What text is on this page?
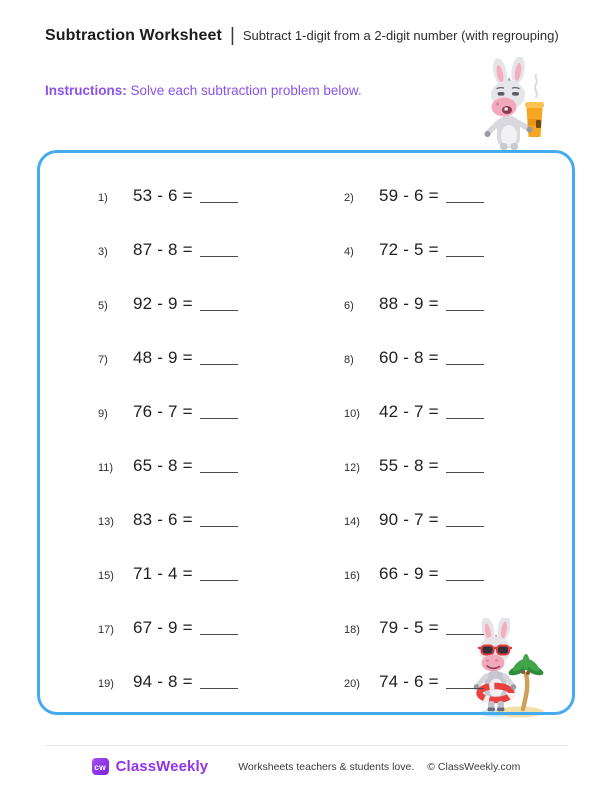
Subtraction Worksheet | Subtract 1-digit from a 2-digit number (with regrouping)
Instructions: Solve each subtraction problem below.
1)	53 - 6 =	2)	59 - 6 =
3)	87 - 8 =	4)	72 - 5 =
5)	92 - 9 =	6)	88 - 9 =
7)	48 - 9 =	8)	60 - 8 =
9)	76 - 7 =	10)	42 - 7 =
11)	65 - 8 =	12)	55 - 8 =
13)	83 - 6 =	14)	90 - 7 =
15)	71 - 4 =	16)	66 - 9 =
17)	67 - 9 =	18)	79 - 5 =
19)	94 - 8 =	20)	74 - 6 =
cw ClassWeekly	Worksheets teachers & students love. © ClassWeekly.com
